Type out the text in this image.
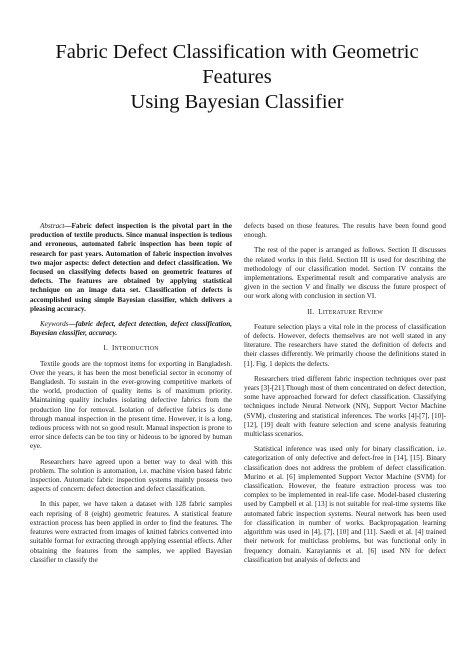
Fabric Defect Classification with Geometric Features
Using Bayesian Classifier

Abstract—Fabric defect inspection is the pivotal part in the production of textile products. Since manual inspection is tedious and erroneous, automated fabric inspection has been topic of research for past years. Automation of fabric inspection involves two major aspects: defect detection and defect classification. We focused on classifying defects based on geometric features of defects. The features are obtained by applying statistical technique on an image data set. Classification of defects is accomplished using simple Bayesian classifier, which delivers a pleasing accuracy.

Keywords—fabric defect, defect detection, defect classification, Bayesian classifier, accuracy.

I. INTRODUCTION

Textile goods are the topmost items for exporting in Bangladesh. Over the years, it has been the most beneficial sector in economy of Bangladesh. To sustain in the ever-growing competitive markets of the world, production of quality items is of maximum priority. Maintaining quality includes isolating defective fabrics from the production line for removal. Isolation of defective fabrics is done through manual inspection in the present time. However, it is a long, tedious process with not so good result. Manual inspection is prone to error since defects can be too tiny or hideous to be ignored by human eye.

Researchers have agreed upon a better way to deal with this problem. The solution is automation, i.e. machine vision based fabric inspection. Automatic fabric inspection systems mainly possess two aspects of concern: defect detection and defect classification.

In this paper, we have taken a dataset with 128 fabric samples each reprising of 8 (eight) geometric features. A statistical feature extraction process has been applied in order to find the features. The features were extracted from images of knitted fabrics converted into suitable format for extracting through applying essential effects. After obtaining the features from the samples, we applied Bayesian classifier to classify the

defects based on those features. The results have been found good enough.

The rest of the paper is arranged as follows. Section II discusses the related works in this field. Section III is used for describing the methodology of our classification model. Section IV contains the implementations. Experimental result and comparative analysis are given in the section V and finally we discuss the future prospect of our work along with conclusion in section VI.

II. LITERATURE REVIEW

Feature selection plays a vital role in the process of classification of defects. However, defects themselves are not well stated in any literature. The researchers have stated the definition of defects and their classes differently. We primarily choose the definitions stated in [1]. Fig. 1 depicts the defects.

Researchers tried different fabric inspection techniques over past years [3]-[21].Though most of them concentrated on defect detection, some have approached forward for defect classification. Classifying techniques include Neural Network (NN), Support Vector Machine (SVM), clustering and statistical inferences. The works [4]-[7], [10]-[12], [19] dealt with feature selection and scene analysis featuring multiclass scenarios.

Statistical inference was used only for binary classification, i.e. categorization of only defective and defect-free in [14], [15]. Binary classification does not address the problem of defect classification. Murino et al. [6] implemented Support Vector Machine (SVM) for classification. However, the feature extraction process was too complex to be implemented in real-life case. Model-based clustering used by Campbell et al. [13] is not suitable for real-time systems like automated fabric inspection systems. Neural network has been used for classification in number of works. Backpropagation learning algorithm was used in [4], [7], [10] and [11]. Saedi et al. [4] trained their network for multiclass problems, but was functional only in frequency domain. Karayiannis et al. [6] used NN for defect classification but analysis of defects and
